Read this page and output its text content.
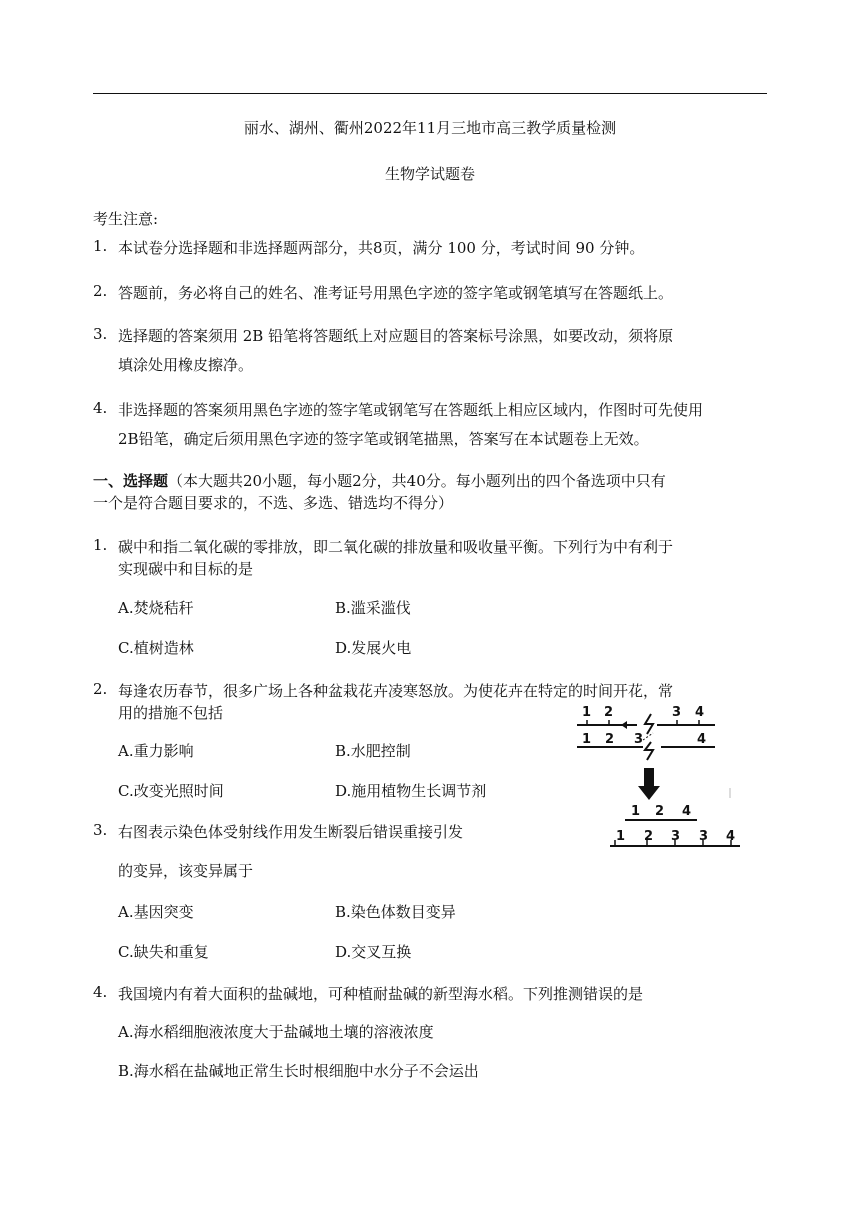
丽水、湖州、衢州2022年11月三地市高三教学质量检测
生物学试题卷
考生注意:
1. 本试卷分选择题和非选择题两部分，共8页，满分 100 分，考试时间 90 分钟。
2. 答题前，务必将自己的姓名、准考证号用黑色字迹的签字笔或钢笔填写在答题纸上。
3. 选择题的答案须用 2B 铅笔将答题纸上对应题目的答案标号涂黑，如要改动，须将原
填涂处用橡皮擦净。
4. 非选择题的答案须用黑色字迹的签字笔或钢笔写在答题纸上相应区域内，作图时可先使用
2B铅笔，确定后须用黑色字迹的签字笔或钢笔描黑，答案写在本试题卷上无效。
一、选择题（本大题共20小题，每小题2分，共40分。每小题列出的四个备选项中只有
一个是符合题目要求的，不选、多选、错选均不得分）
1. 碳中和指二氧化碳的零排放，即二氧化碳的排放量和吸收量平衡。下列行为中有利于
实现碳中和目标的是
A.焚烧秸秆	B.滥采滥伐
C.植树造林	D.发展火电
2. 每逢农历春节，很多广场上各种盆栽花卉凌寒怒放。为使花卉在特定的时间开花，常
用的措施不包括
A.重力影响	B.水肥控制
C.改变光照时间	D.施用植物生长调节剂
3. 右图表示染色体受射线作用发生断裂后错误重接引发
的变异，该变异属于
A.基因突变	B.染色体数目变异
C.缺失和重复	D.交叉互换
4. 我国境内有着大面积的盐碱地，可种植耐盐碱的新型海水稻。下列推测错误的是
A.海水稻细胞液浓度大于盐碱地土壤的溶液浓度
B.海水稻在盐碱地正常生长时根细胞中水分子不会运出
1 2	3 4
1 2 3	4
1 2 4
1 2 3 3 4
